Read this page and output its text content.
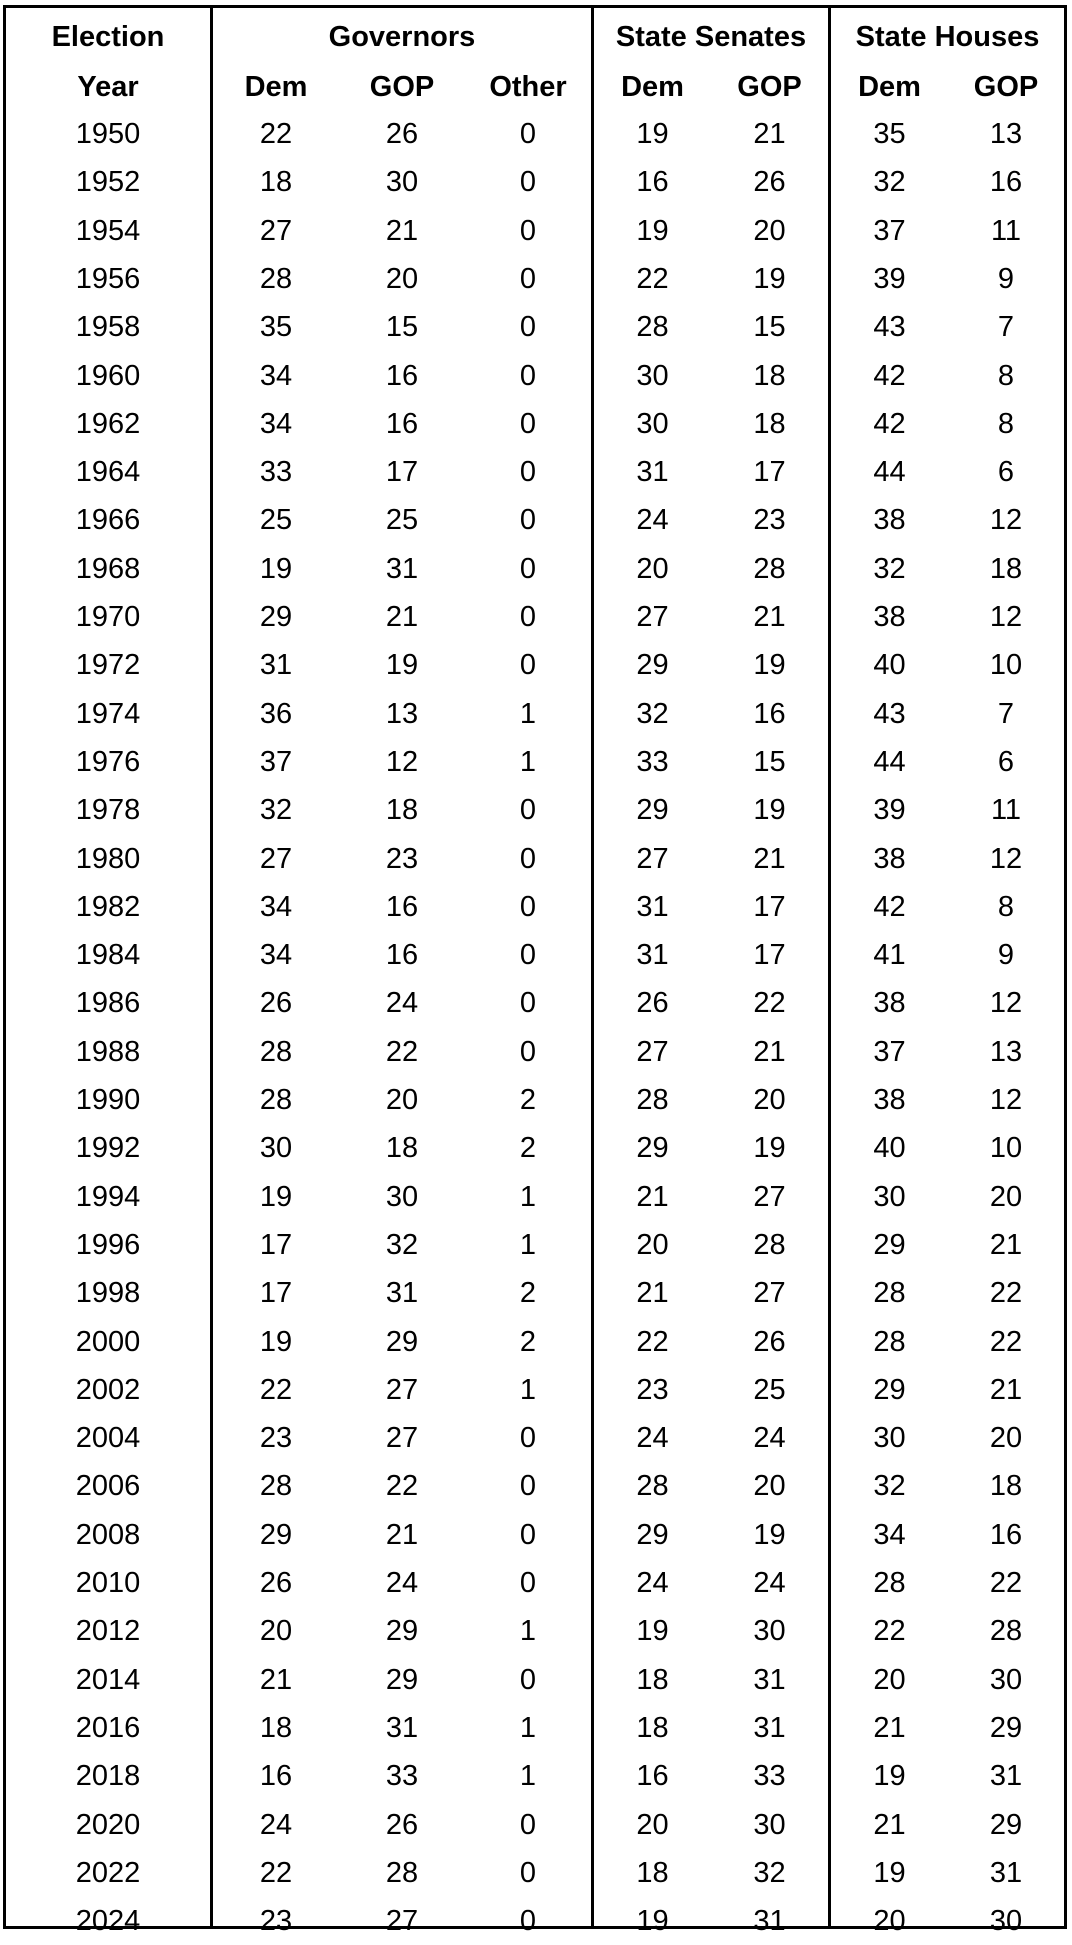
Election	Governors	State Senates	State Houses
Year	Dem	GOP	Other	Dem	GOP	Dem	GOP
1950	22	26	0	19	21	35	13
1952	18	30	0	16	26	32	16
1954	27	21	0	19	20	37	11
1956	28	20	0	22	19	39	9
1958	35	15	0	28	15	43	7
1960	34	16	0	30	18	42	8
1962	34	16	0	30	18	42	8
1964	33	17	0	31	17	44	6
1966	25	25	0	24	23	38	12
1968	19	31	0	20	28	32	18
1970	29	21	0	27	21	38	12
1972	31	19	0	29	19	40	10
1974	36	13	1	32	16	43	7
1976	37	12	1	33	15	44	6
1978	32	18	0	29	19	39	11
1980	27	23	0	27	21	38	12
1982	34	16	0	31	17	42	8
1984	34	16	0	31	17	41	9
1986	26	24	0	26	22	38	12
1988	28	22	0	27	21	37	13
1990	28	20	2	28	20	38	12
1992	30	18	2	29	19	40	10
1994	19	30	1	21	27	30	20
1996	17	32	1	20	28	29	21
1998	17	31	2	21	27	28	22
2000	19	29	2	22	26	28	22
2002	22	27	1	23	25	29	21
2004	23	27	0	24	24	30	20
2006	28	22	0	28	20	32	18
2008	29	21	0	29	19	34	16
2010	26	24	0	24	24	28	22
2012	20	29	1	19	30	22	28
2014	21	29	0	18	31	20	30
2016	18	31	1	18	31	21	29
2018	16	33	1	16	33	19	31
2020	24	26	0	20	30	21	29
2022	22	28	0	18	32	19	31
2024	23	27	0	19	31	20	30
